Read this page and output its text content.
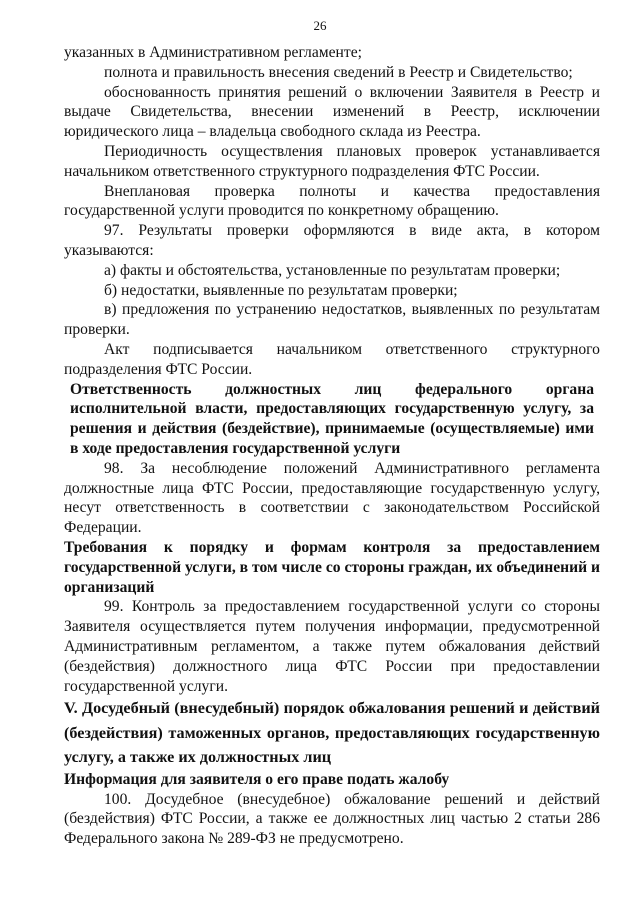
26

указанных в Административном регламенте;

полнота и правильность внесения сведений в Реестр и Свидетельство;

обоснованность принятия решений о включении Заявителя в Реестр и выдаче Свидетельства, внесении изменений в Реестр, исключении юридического лица – владельца свободного склада из Реестра.

Периодичность осуществления плановых проверок устанавливается начальником ответственного структурного подразделения ФТС России.

Внеплановая проверка полноты и качества предоставления государственной услуги проводится по конкретному обращению.

97. Результаты проверки оформляются в виде акта, в котором указываются:

а) факты и обстоятельства, установленные по результатам проверки;

б) недостатки, выявленные по результатам проверки;

в) предложения по устранению недостатков, выявленных по результатам проверки.

Акт подписывается начальником ответственного структурного

подразделения ФТС России.

Ответственность должностных лиц федерального органа исполнительной власти, предоставляющих государственную услугу, за решения и действия (бездействие), принимаемые (осуществляемые) ими в ходе предоставления государственной услуги

98. За несоблюдение положений Административного регламента должностные лица ФТС России, предоставляющие государственную услугу, несут ответственность в соответствии с законодательством Российской Федерации.

Требования к порядку и формам контроля за предоставлением государственной услуги, в том числе со стороны граждан, их объединений и организаций

99. Контроль за предоставлением государственной услуги со стороны Заявителя осуществляется путем получения информации, предусмотренной Административным регламентом, а также путем обжалования действий (бездействия) должностного лица ФТС России при предоставлении государственной услуги.

V. Досудебный (внесудебный) порядок обжалования решений и действий (бездействия) таможенных органов, предоставляющих государственную услугу, а также их должностных лиц

Информация для заявителя о его праве подать жалобу

100. Досудебное (внесудебное) обжалование решений и действий (бездействия) ФТС России, а также ее должностных лиц частью 2 статьи 286 Федерального закона № 289-ФЗ не предусмотрено.
